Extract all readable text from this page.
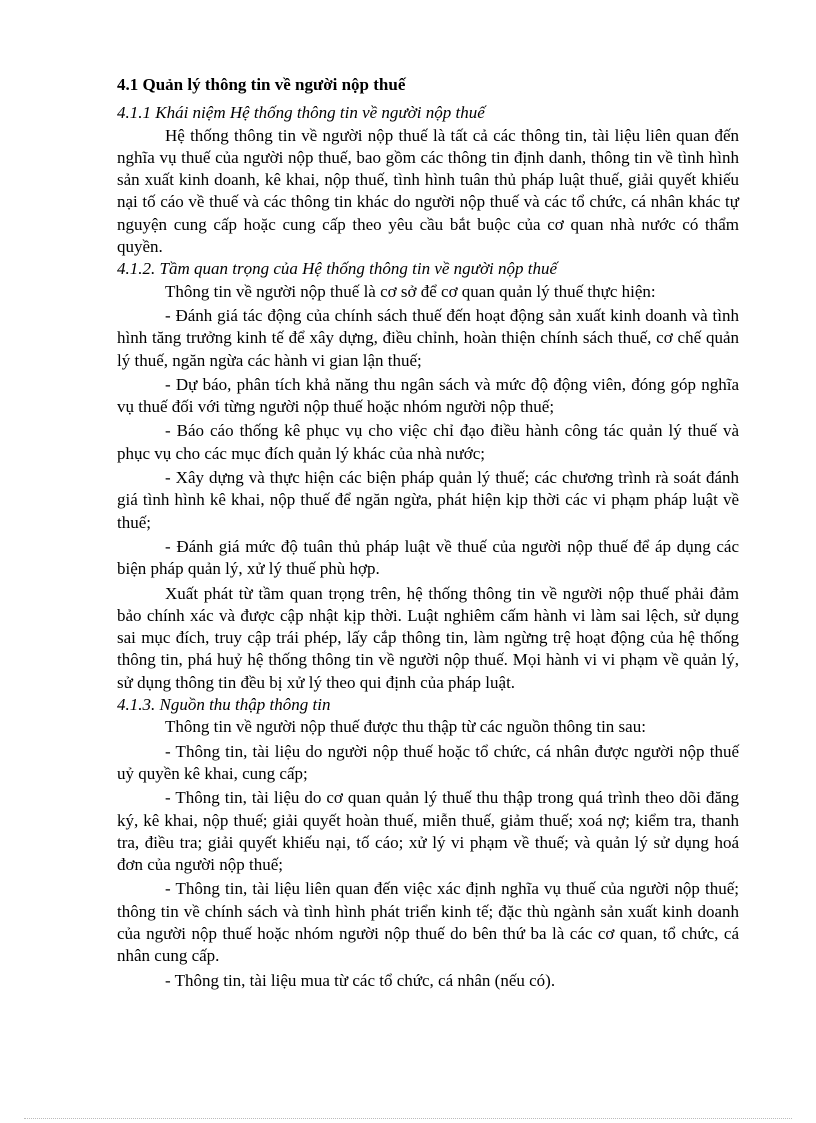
4.1 Quản lý thông tin về người nộp thuế
4.1.1 Khái niệm Hệ thống thông tin về người nộp thuế

Hệ thống thông tin về người nộp thuế là tất cả các thông tin, tài liệu liên quan đến nghĩa vụ thuế của người nộp thuế, bao gồm các thông tin định danh, thông tin về tình hình sản xuất kinh doanh, kê khai, nộp thuế, tình hình tuân thủ pháp luật thuế, giải quyết khiếu nại tố cáo về thuế và các thông tin khác do người nộp thuế và các tổ chức, cá nhân khác tự nguyện cung cấp hoặc cung cấp theo yêu cầu bắt buộc của cơ quan nhà nước có thẩm quyền.

4.1.2. Tầm quan trọng của Hệ thống thông tin về người nộp thuế

Thông tin về người nộp thuế là cơ sở để cơ quan quản lý thuế thực hiện:

- Đánh giá tác động của chính sách thuế đến hoạt động sản xuất kinh doanh và tình hình tăng trưởng kinh tế để xây dựng, điều chỉnh, hoàn thiện chính sách thuế, cơ chế quản lý thuế, ngăn ngừa các hành vi gian lận thuế;

- Dự báo, phân tích khả năng thu ngân sách và mức độ động viên, đóng góp nghĩa vụ thuế đối với từng người nộp thuế hoặc nhóm người nộp thuế;

- Báo cáo thống kê phục vụ cho việc chỉ đạo điều hành công tác quản lý thuế và phục vụ cho các mục đích quản lý khác của nhà nước;

- Xây dựng và thực hiện các biện pháp quản lý thuế; các chương trình rà soát đánh giá tình hình kê khai, nộp thuế để ngăn ngừa, phát hiện kịp thời các vi phạm pháp luật về thuế;

- Đánh giá mức độ tuân thủ pháp luật về thuế của người nộp thuế để áp dụng các biện pháp quản lý, xử lý thuế phù hợp.

Xuất phát từ tầm quan trọng trên, hệ thống thông tin về người nộp thuế phải đảm bảo chính xác và được cập nhật kịp thời. Luật nghiêm cấm hành vi làm sai lệch, sử dụng sai mục đích, truy cập trái phép, lấy cắp thông tin, làm ngừng trệ hoạt động của hệ thống thông tin, phá huỷ hệ thống thông tin về người nộp thuế. Mọi hành vi vi phạm về quản lý, sử dụng thông tin đều bị xử lý theo qui định của pháp luật.

4.1.3. Nguồn thu thập thông tin

Thông tin về người nộp thuế được thu thập từ các nguồn thông tin sau:

- Thông tin, tài liệu do người nộp thuế hoặc tổ chức, cá nhân được người nộp thuế uỷ quyền kê khai, cung cấp;

- Thông tin, tài liệu do cơ quan quản lý thuế thu thập trong quá trình theo dõi đăng ký, kê khai, nộp thuế; giải quyết hoàn thuế, miễn thuế, giảm thuế; xoá nợ; kiểm tra, thanh tra, điều tra; giải quyết khiếu nại, tố cáo; xử lý vi phạm về thuế; và quản lý sử dụng hoá đơn của người nộp thuế;

- Thông tin, tài liệu liên quan đến việc xác định nghĩa vụ thuế của người nộp thuế; thông tin về chính sách và tình hình phát triển kinh tế; đặc thù ngành sản xuất kinh doanh của người nộp thuế hoặc nhóm người nộp thuế do bên thứ ba là các cơ quan, tổ chức, cá nhân cung cấp.

- Thông tin, tài liệu mua từ các tổ chức, cá nhân (nếu có).
